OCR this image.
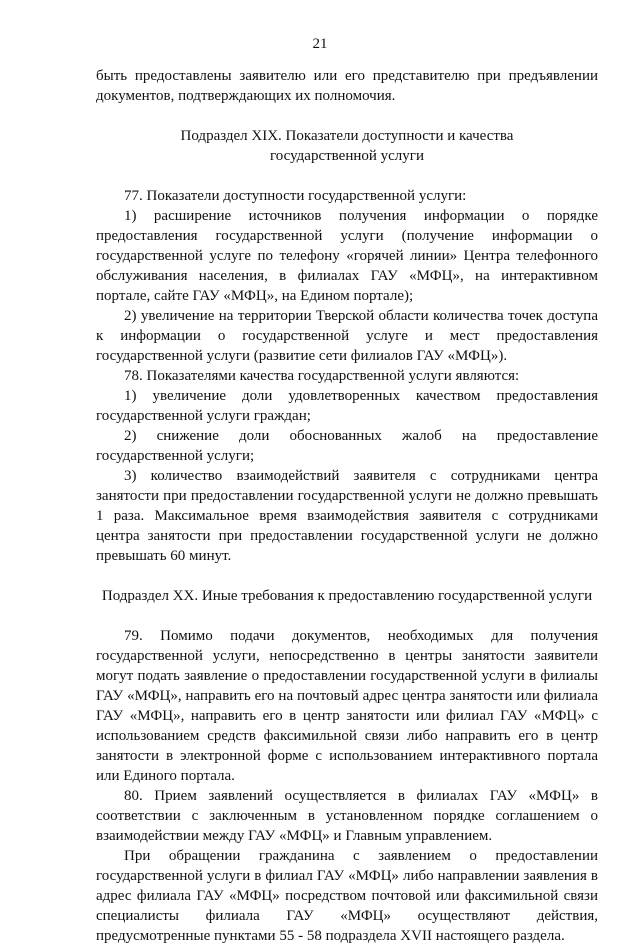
21

быть предоставлены заявителю или его представителю при предъявлении документов, подтверждающих их полномочия.

Подраздел XIX. Показатели доступности и качества

государственной услуги

77. Показатели доступности государственной услуги:

1) расширение источников получения информации о порядке предоставления государственной услуги (получение информации о государственной услуге по телефону «горячей линии» Центра телефонного обслуживания населения, в филиалах ГАУ «МФЦ», на интерактивном портале, сайте ГАУ «МФЦ», на Едином портале);

2) увеличение на территории Тверской области количества точек доступа к информации о государственной услуге и мест предоставления государственной услуги (развитие сети филиалов ГАУ «МФЦ»).

78. Показателями качества государственной услуги являются:

1) увеличение доли удовлетворенных качеством предоставления государственной услуги граждан;

2) снижение доли обоснованных жалоб на предоставление государственной услуги;

3) количество взаимодействий заявителя с сотрудниками центра занятости при предоставлении государственной услуги не должно превышать 1 раза. Максимальное время взаимодействия заявителя с сотрудниками центра занятости при предоставлении государственной услуги не должно превышать 60 минут.

Подраздел XX. Иные требования к предоставлению государственной услуги

79. Помимо подачи документов, необходимых для получения государственной услуги, непосредственно в центры занятости заявители могут подать заявление о предоставлении государственной услуги в филиалы ГАУ «МФЦ», направить его на почтовый адрес центра занятости или филиала ГАУ «МФЦ», направить его в центр занятости или филиал ГАУ «МФЦ» с использованием средств факсимильной связи либо направить его в центр занятости в электронной форме с использованием интерактивного портала или Единого портала.

80. Прием заявлений осуществляется в филиалах ГАУ «МФЦ» в соответствии с заключенным в установленном порядке соглашением о взаимодействии между ГАУ «МФЦ» и Главным управлением.

При обращении гражданина с заявлением о предоставлении государственной услуги в филиал ГАУ «МФЦ» либо направлении заявления в адрес филиала ГАУ «МФЦ» посредством почтовой или факсимильной связи специалисты филиала ГАУ «МФЦ» осуществляют действия, предусмотренные пунктами 55 - 58 подраздела XVII настоящего раздела.
